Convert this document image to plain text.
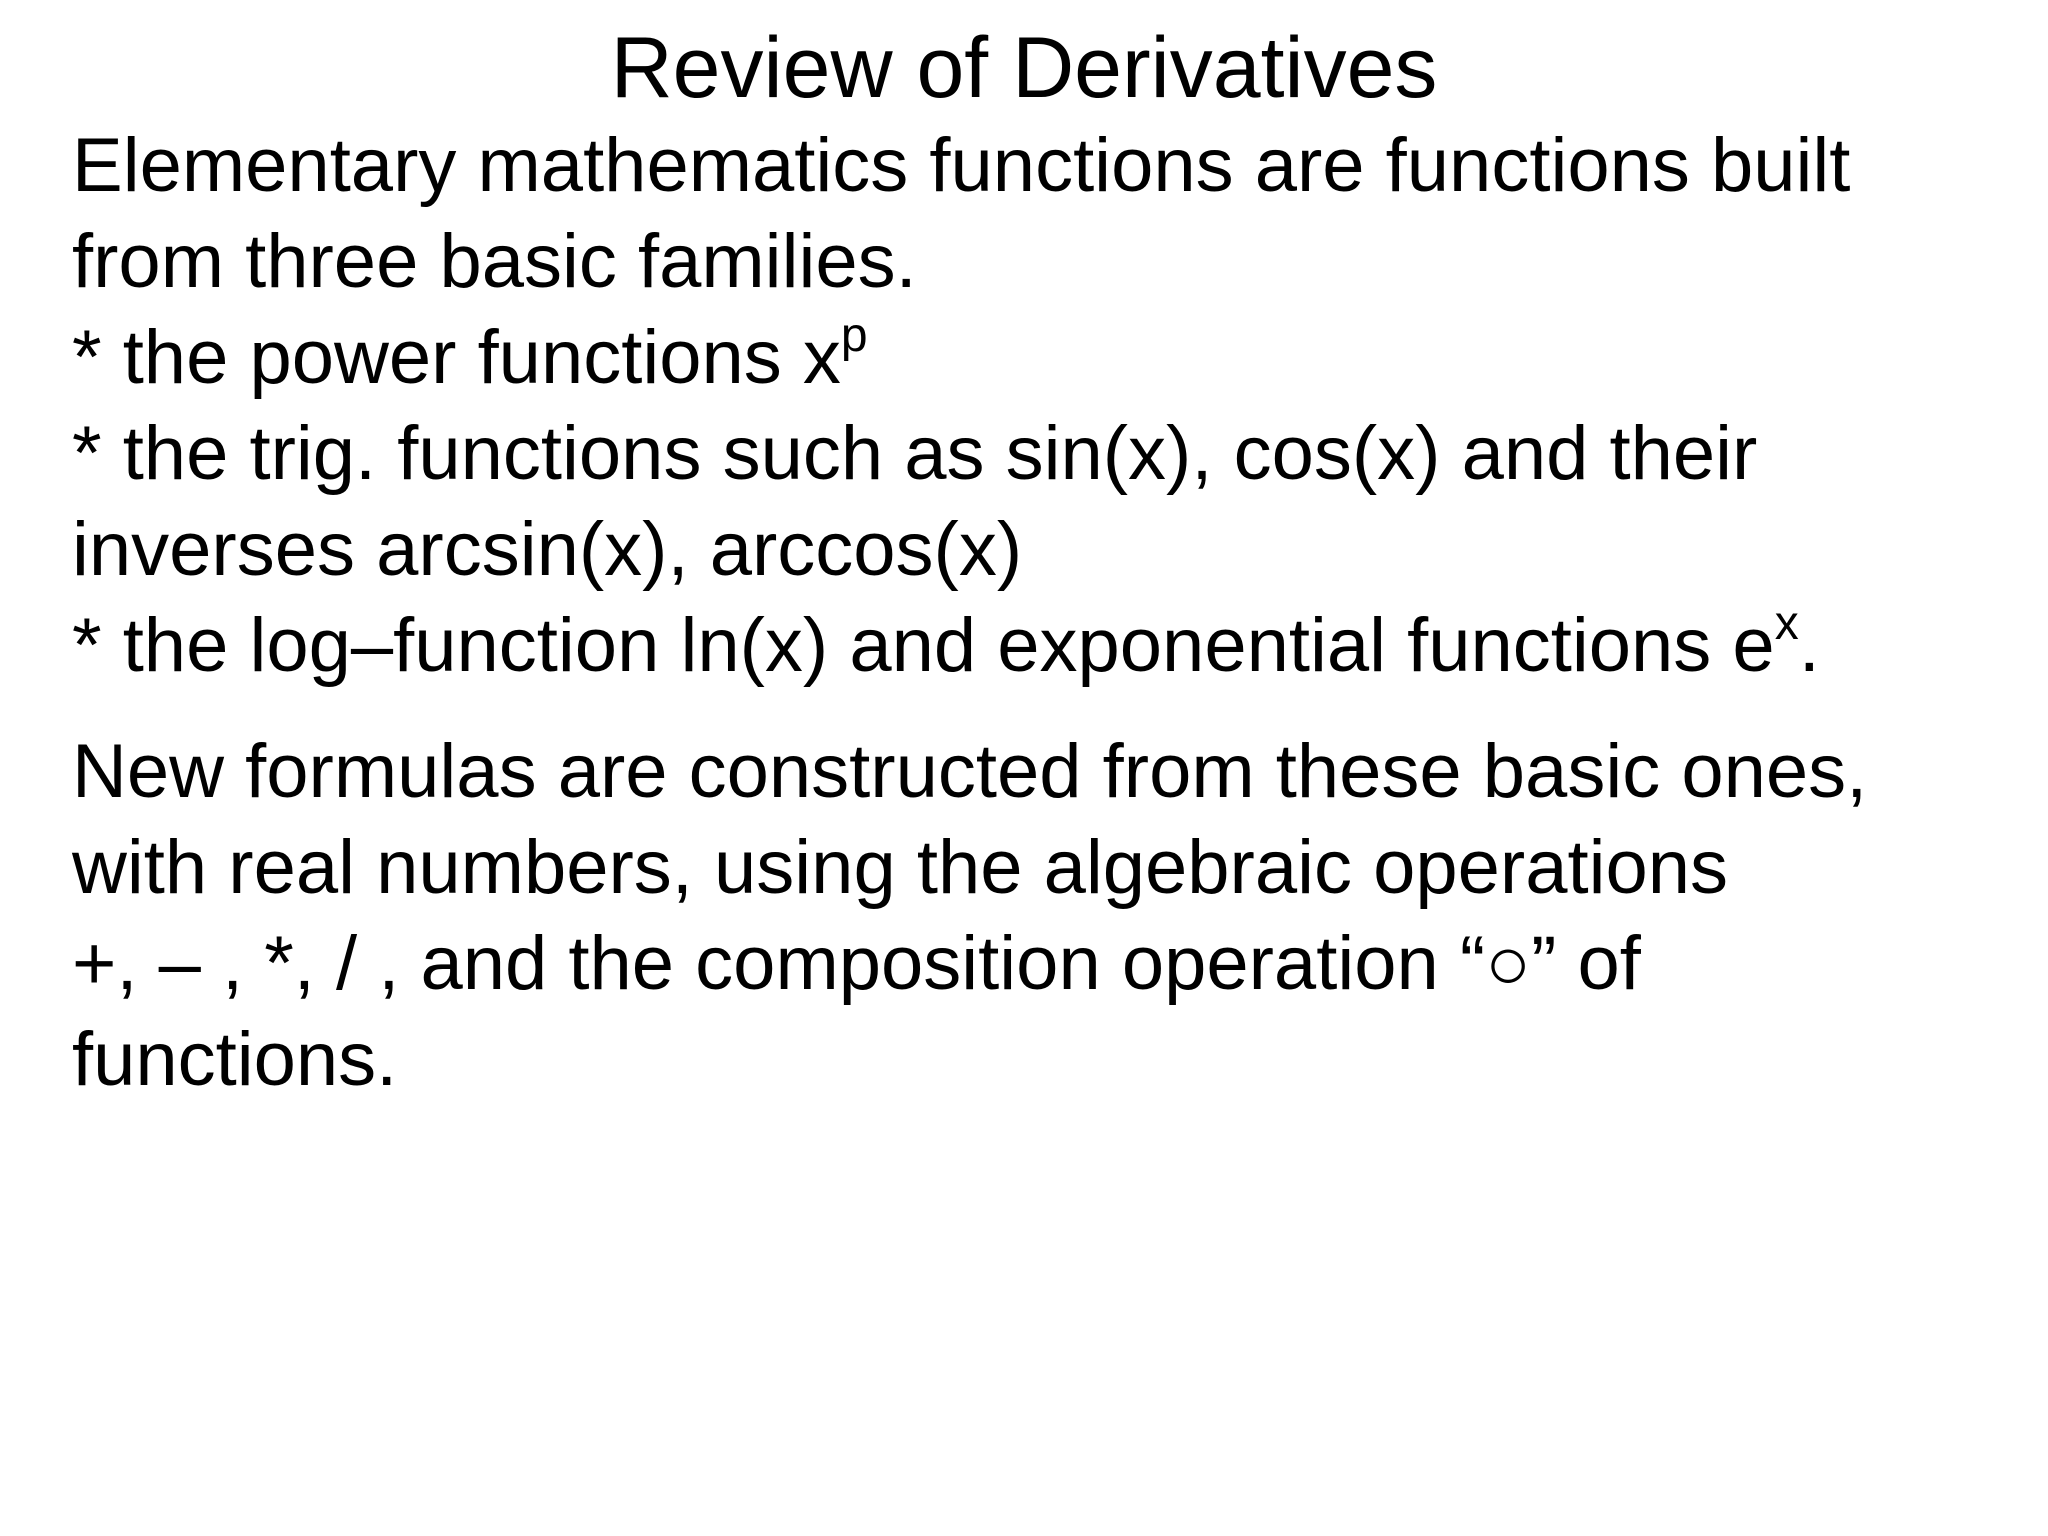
Review of Derivatives
Elementary mathematics functions are functions built
from three basic families.
* the power functions $x^p$
* the trig. functions such as sin(x), cos(x) and their
inverses arcsin(x), arccos(x)
* the log–function ln(x) and exponential functions $e^x$.
New formulas are constructed from these basic ones,
with real numbers, using the algebraic operations
+, – , *, / , and the composition operation “○” of
functions.
